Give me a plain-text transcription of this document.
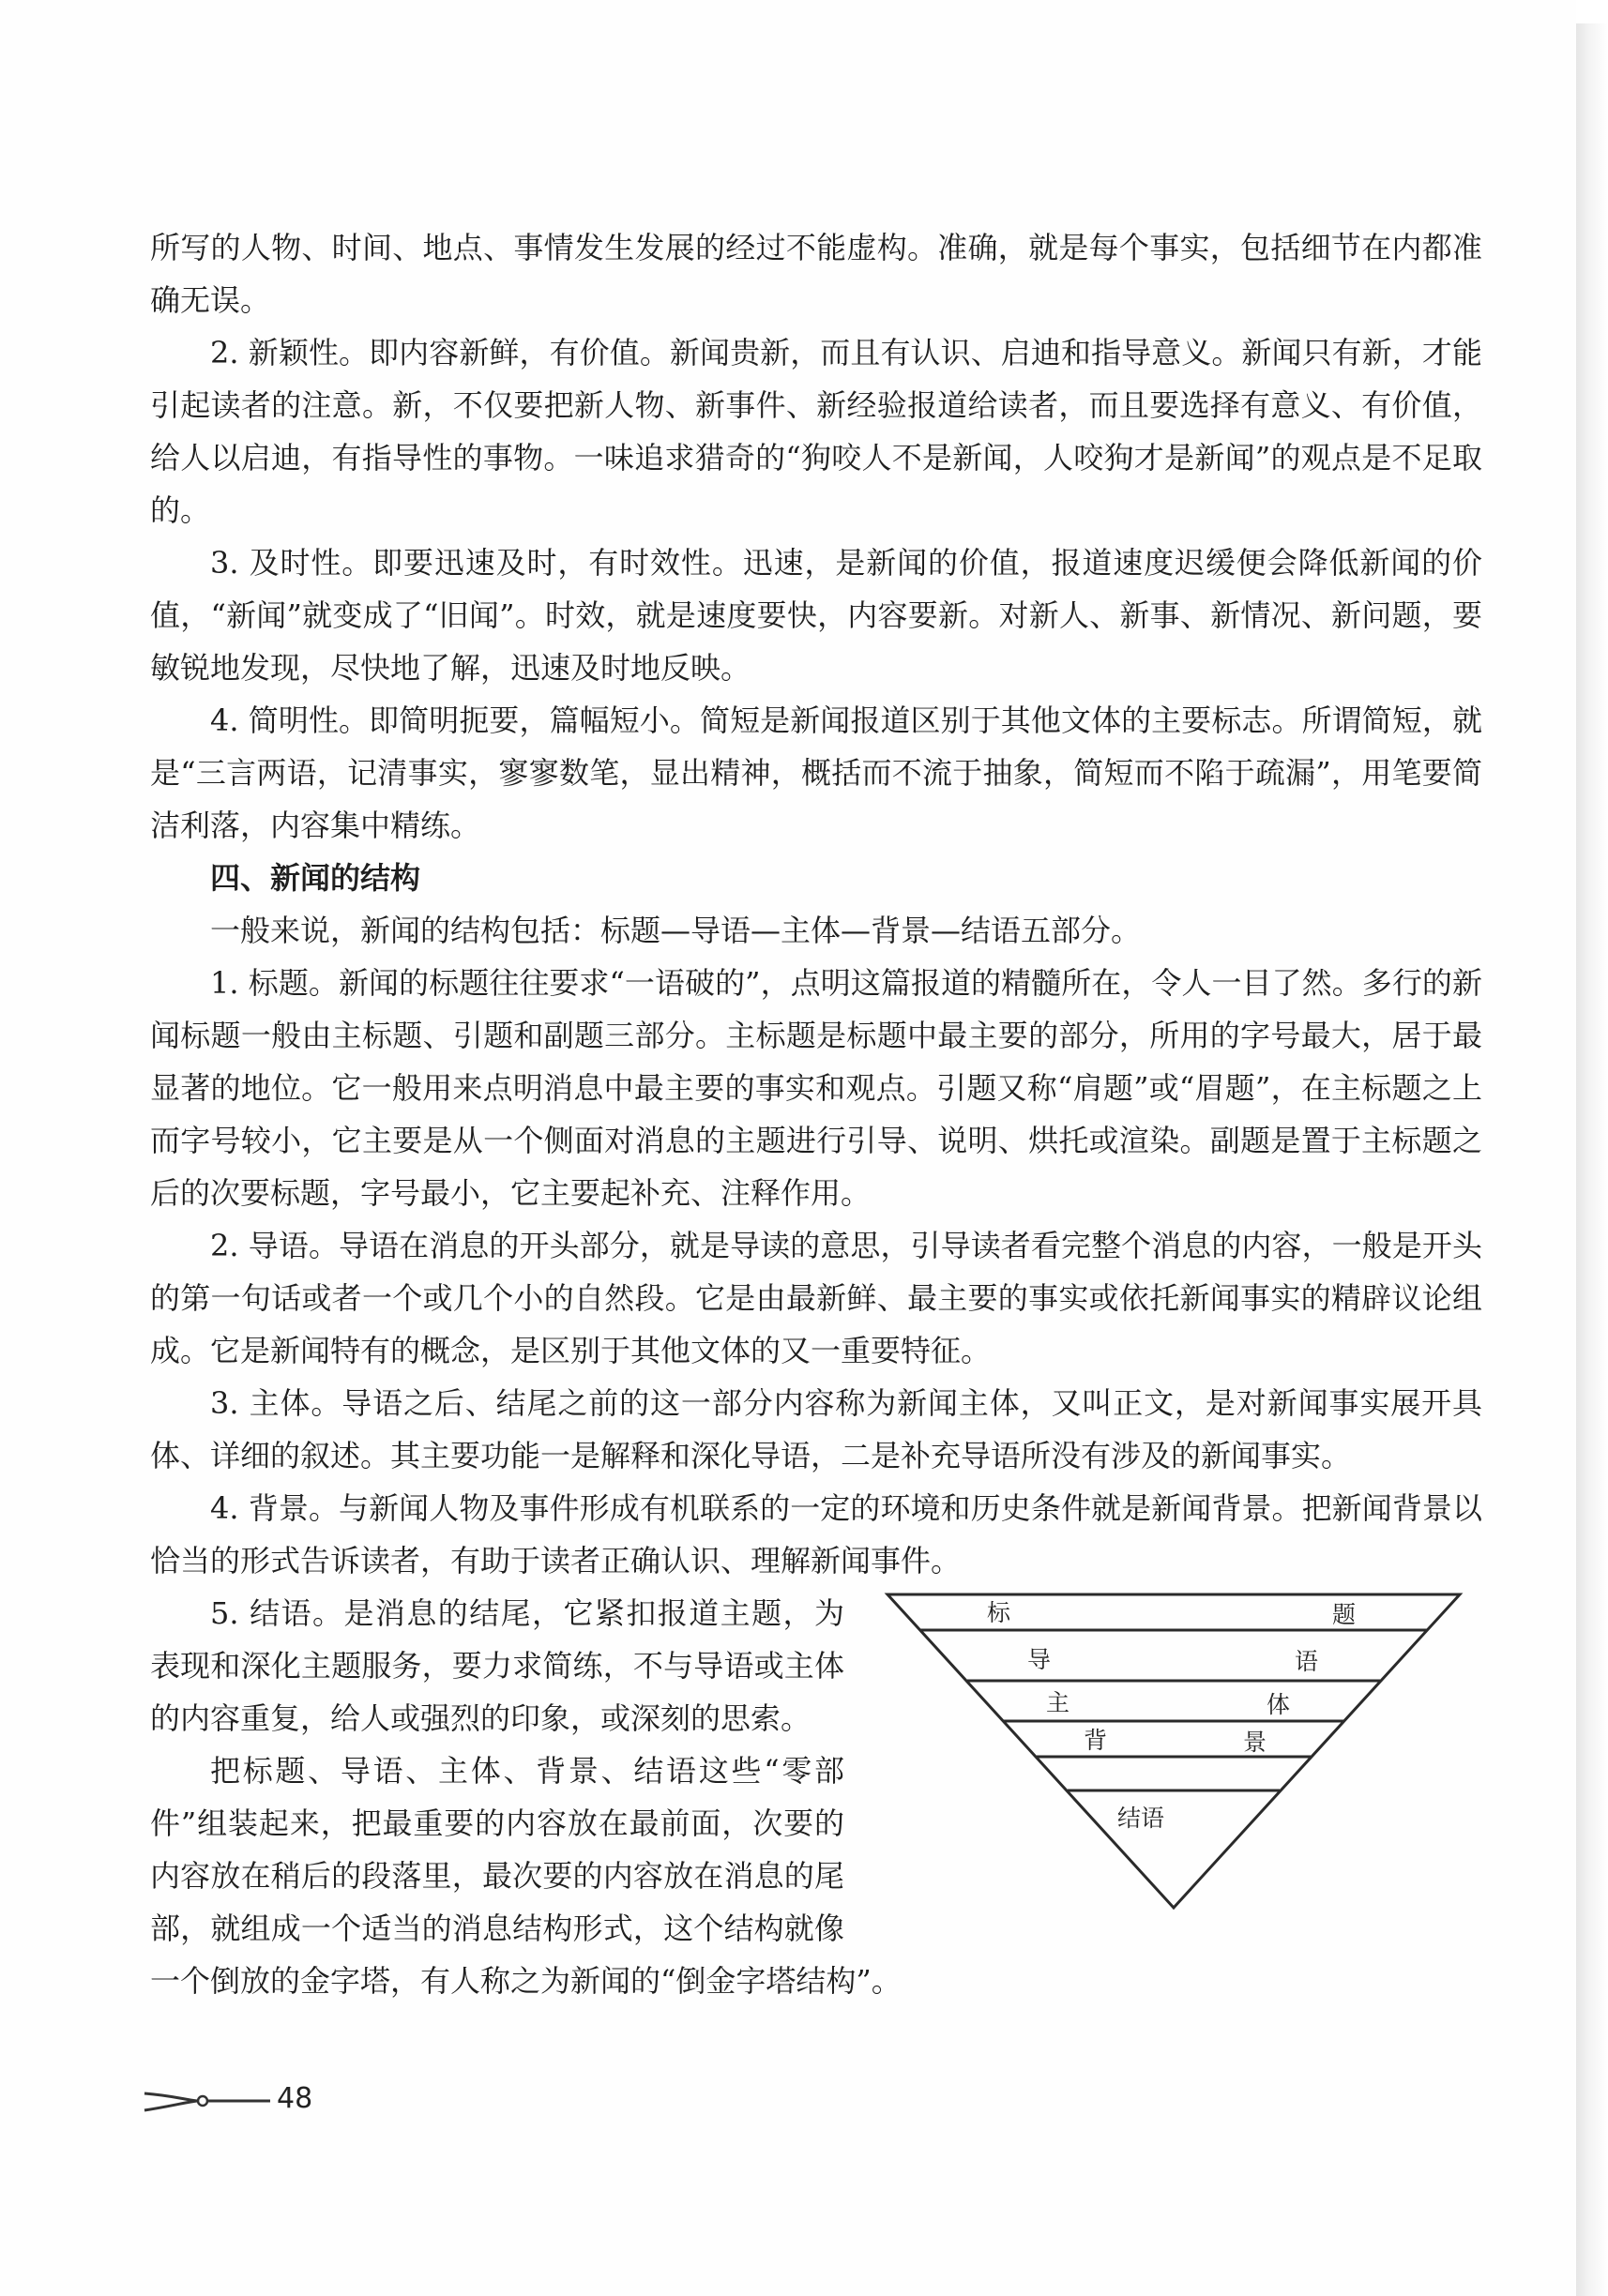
所写的人物、时间、地点、事情发生发展的经过不能虚构。准确，就是每个事实，包括细节在内都准确无误。

2. 新颖性。即内容新鲜，有价值。新闻贵新，而且有认识、启迪和指导意义。新闻只有新，才能引起读者的注意。新，不仅要把新人物、新事件、新经验报道给读者，而且要选择有意义、有价值，给人以启迪，有指导性的事物。一味追求猎奇的“狗咬人不是新闻，人咬狗才是新闻”的观点是不足取的。

3. 及时性。即要迅速及时，有时效性。迅速，是新闻的价值，报道速度迟缓便会降低新闻的价值，“新闻”就变成了“旧闻”。时效，就是速度要快，内容要新。对新人、新事、新情况、新问题，要敏锐地发现，尽快地了解，迅速及时地反映。

4. 简明性。即简明扼要，篇幅短小。简短是新闻报道区别于其他文体的主要标志。所谓简短，就是“三言两语，记清事实，寥寥数笔，显出精神，概括而不流于抽象，简短而不陷于疏漏”，用笔要简洁利落，内容集中精练。

四、新闻的结构

一般来说，新闻的结构包括：标题—导语—主体—背景—结语五部分。

1. 标题。新闻的标题往往要求“一语破的”，点明这篇报道的精髓所在，令人一目了然。多行的新闻标题一般由主标题、引题和副题三部分。主标题是标题中最主要的部分，所用的字号最大，居于最显著的地位。它一般用来点明消息中最主要的事实和观点。引题又称“肩题”或“眉题”，在主标题之上而字号较小，它主要是从一个侧面对消息的主题进行引导、说明、烘托或渲染。副题是置于主标题之后的次要标题，字号最小，它主要起补充、注释作用。

2. 导语。导语在消息的开头部分，就是导读的意思，引导读者看完整个消息的内容，一般是开头的第一句话或者一个或几个小的自然段。它是由最新鲜、最主要的事实或依托新闻事实的精辟议论组成。它是新闻特有的概念，是区别于其他文体的又一重要特征。

3. 主体。导语之后、结尾之前的这一部分内容称为新闻主体，又叫正文，是对新闻事实展开具体、详细的叙述。其主要功能一是解释和深化导语，二是补充导语所没有涉及的新闻事实。

4. 背景。与新闻人物及事件形成有机联系的一定的环境和历史条件就是新闻背景。把新闻背景以恰当的形式告诉读者，有助于读者正确认识、理解新闻事件。

标	题
导	语
主	体
背	景
结语

5. 结语。是消息的结尾，它紧扣报道主题，为表现和深化主题服务，要力求简练，不与导语或主体的内容重复，给人或强烈的印象，或深刻的思索。

把标题、导语、主体、背景、结语这些“零部件”组装起来，把最重要的内容放在最前面，次要的内容放在稍后的段落里，最次要的内容放在消息的尾部，就组成一个适当的消息结构形式，这个结构就像一个倒放的金字塔，有人称之为新闻的“倒金字塔结构”。

48
